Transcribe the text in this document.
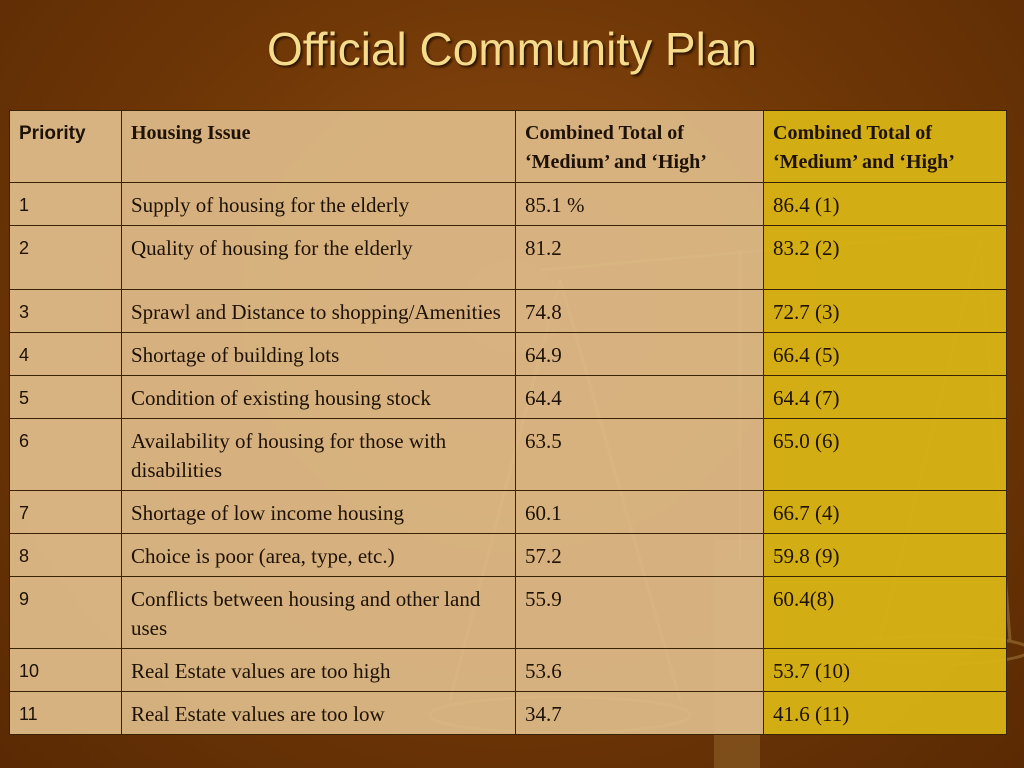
Official Community Plan
Priority	Housing Issue	Combined Total of ‘Medium’ and ‘High’	Combined Total of ‘Medium’ and ‘High’
1	Supply of housing for the elderly	85.1 %	86.4 (1)
2	Quality of housing for the elderly	81.2	83.2 (2)
3	Sprawl and Distance to shopping/Amenities	74.8	72.7 (3)
4	Shortage of building lots	64.9	66.4 (5)
5	Condition of existing housing stock	64.4	64.4 (7)
6	Availability of housing for those with disabilities	63.5	65.0 (6)
7	Shortage of low income housing	60.1	66.7 (4)
8	Choice is poor (area, type, etc.)	57.2	59.8 (9)
9	Conflicts between housing and other land uses	55.9	60.4(8)
10	Real Estate values are too high	53.6	53.7 (10)
11	Real Estate values are too low	34.7	41.6 (11)
